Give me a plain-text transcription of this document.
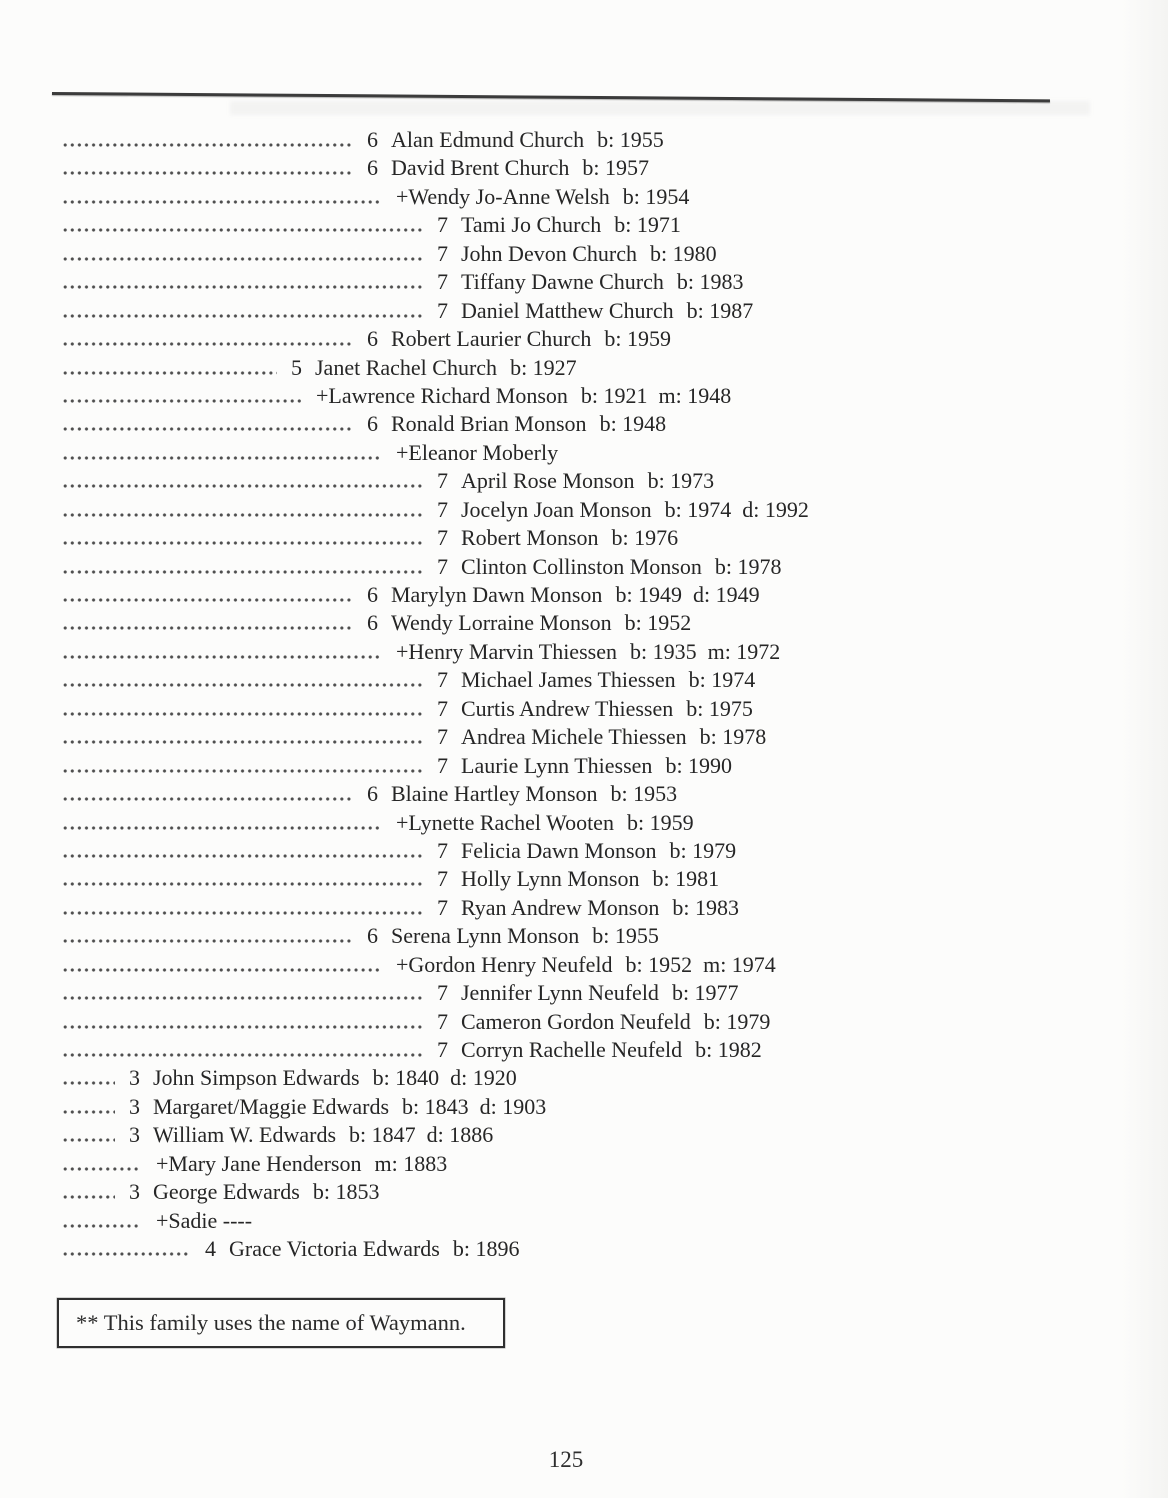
6 Alan Edmund Church b: 1955
6 David Brent Church b: 1957
+Wendy Jo-Anne Welsh b: 1954
7 Tami Jo Church b: 1971
7 John Devon Church b: 1980
7 Tiffany Dawne Church b: 1983
7 Daniel Matthew Church b: 1987
6 Robert Laurier Church b: 1959
5 Janet Rachel Church b: 1927
+Lawrence Richard Monson b: 1921  m: 1948
6 Ronald Brian Monson b: 1948
+Eleanor Moberly
7 April Rose Monson b: 1973
7 Jocelyn Joan Monson b: 1974  d: 1992
7 Robert Monson b: 1976
7 Clinton Collinston Monson b: 1978
6 Marylyn Dawn Monson b: 1949  d: 1949
6 Wendy Lorraine Monson b: 1952
+Henry Marvin Thiessen b: 1935  m: 1972
7 Michael James Thiessen b: 1974
7 Curtis Andrew Thiessen b: 1975
7 Andrea Michele Thiessen b: 1978
7 Laurie Lynn Thiessen b: 1990
6 Blaine Hartley Monson b: 1953
+Lynette Rachel Wooten b: 1959
7 Felicia Dawn Monson b: 1979
7 Holly Lynn Monson b: 1981
7 Ryan Andrew Monson b: 1983
6 Serena Lynn Monson b: 1955
+Gordon Henry Neufeld b: 1952  m: 1974
7 Jennifer Lynn Neufeld b: 1977
7 Cameron Gordon Neufeld b: 1979
7 Corryn Rachelle Neufeld b: 1982
3 John Simpson Edwards b: 1840  d: 1920
3 Margaret/Maggie Edwards b: 1843  d: 1903
3 William W. Edwards b: 1847  d: 1886
+Mary Jane Henderson m: 1883
3 George Edwards b: 1853
+Sadie ----
4 Grace Victoria Edwards b: 1896
** This family uses the name of Waymann.
125
